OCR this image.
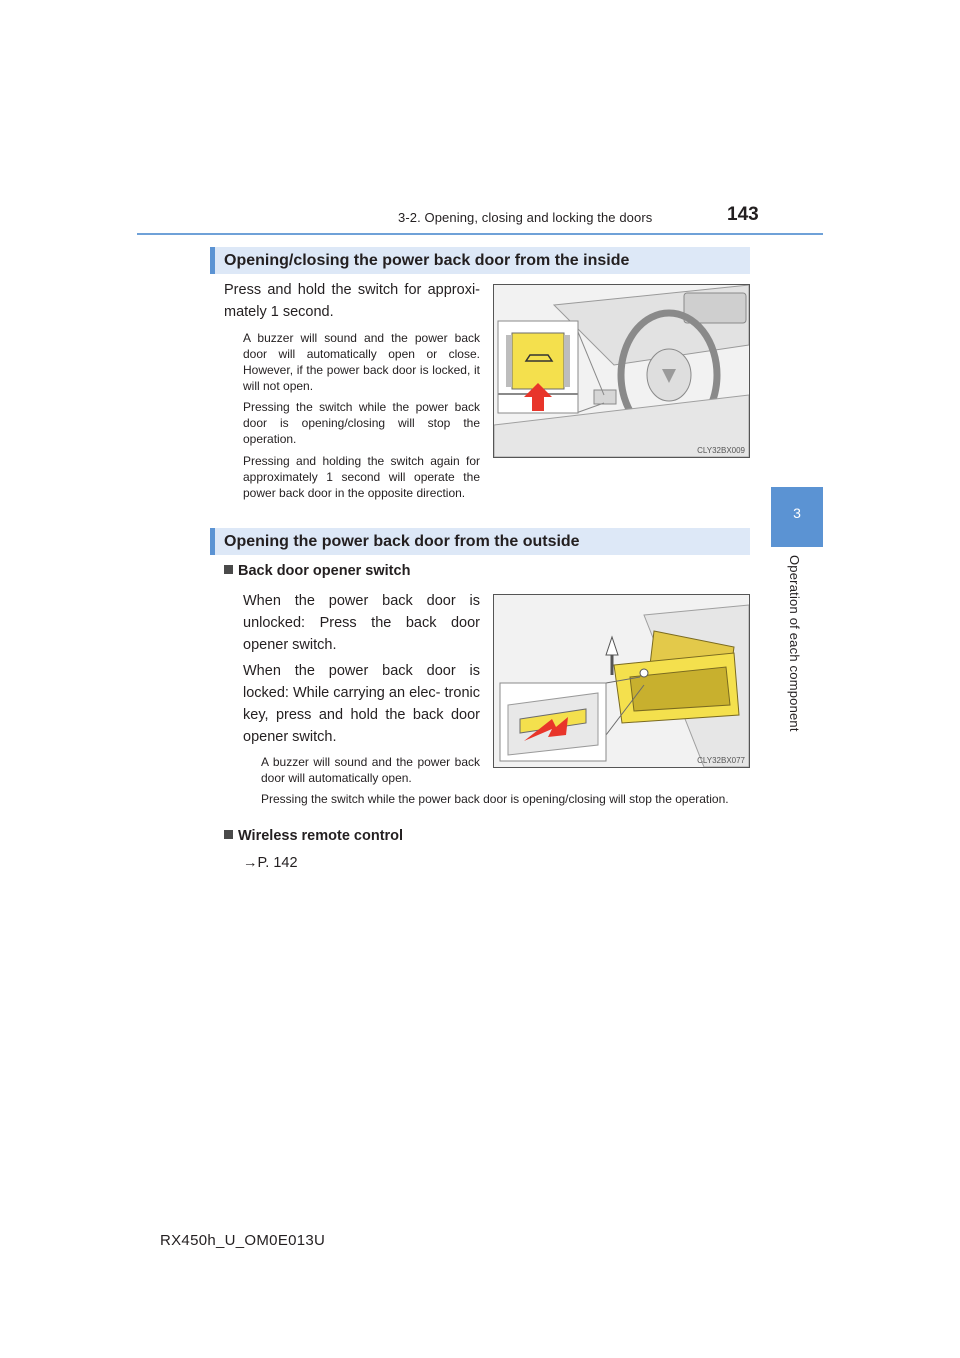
3-2. Opening, closing and locking the doors	143
3
Operation of each component
Opening/closing the power back door from the inside
Press and hold the switch for approxi- mately 1 second.
A buzzer will sound and the power back door will automatically open or close. However, if the power back door is locked, it will not open.
Pressing the switch while the power back door is opening/closing will stop the operation.
Pressing and holding the switch again for approximately 1 second will operate the power back door in the opposite direction.
CLY32BX009
Opening the power back door from the outside
Back door opener switch
When the power back door is unlocked: Press the back door opener switch.
When the power back door is locked: While carrying an elec- tronic key, press and hold the back door opener switch.
A buzzer will sound and the power back door will automatically open.
Pressing the switch while the power back door is opening/closing will stop the operation.
CLY32BX077
Wireless remote control
→P. 142
RX450h_U_OM0E013U
